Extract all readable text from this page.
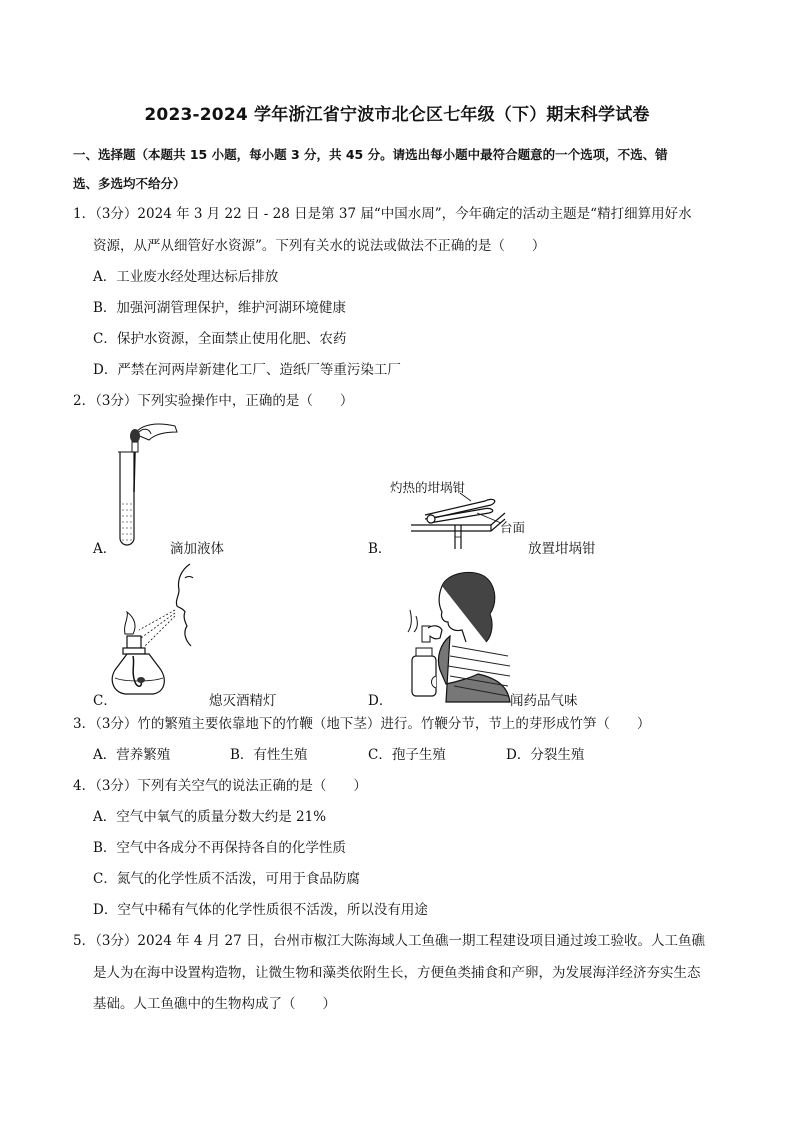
2023-2024 学年浙江省宁波市北仑区七年级（下）期末科学试卷
一、选择题（本题共 15 小题，每小题 3 分，共 45 分。请选出每小题中最符合题意的一个选项，不选、错
选、多选均不给分）
1．（3分）2024 年 3 月 22 日 - 28 日是第 37 届“中国水周”，今年确定的活动主题是“精打细算用好水
资源，从严从细管好水资源”。下列有关水的说法或做法不正确的是（　　）
A．工业废水经处理达标后排放
B．加强河湖管理保护，维护河湖环境健康
C．保护水资源，全面禁止使用化肥、农药
D．严禁在河两岸新建化工厂、造纸厂等重污染工厂
2．（3分）下列实验操作中，正确的是（　　）
A．	滴加液体
灼热的坩埚钳
台面
B．	放置坩埚钳
C．	熄灭酒精灯	D．	闻药品气味
3．（3分）竹的繁殖主要依靠地下的竹鞭（地下茎）进行。竹鞭分节，节上的芽形成竹笋（　　）
A．营养繁殖	B．有性生殖	C．孢子生殖	D．分裂生殖
4．（3分）下列有关空气的说法正确的是（　　）
A．空气中氧气的质量分数大约是 21%
B．空气中各成分不再保持各自的化学性质
C．氮气的化学性质不活泼，可用于食品防腐
D．空气中稀有气体的化学性质很不活泼，所以没有用途
5．（3分）2024 年 4 月 27 日，台州市椒江大陈海域人工鱼礁一期工程建设项目通过竣工验收。人工鱼礁
是人为在海中设置构造物，让微生物和藻类依附生长，方便鱼类捕食和产卵，为发展海洋经济夯实生态
基础。人工鱼礁中的生物构成了（　　）
